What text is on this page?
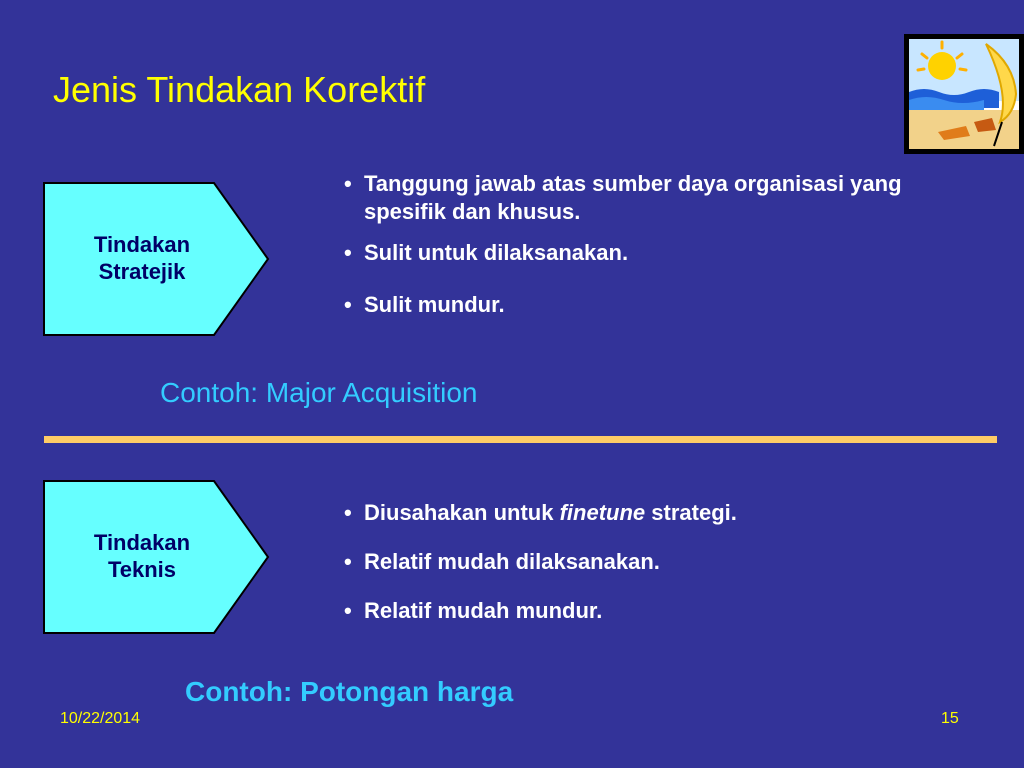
Jenis Tindakan Korektif
Tindakan
Stratejik
• Tanggung jawab atas sumber daya organisasi yang spesifik dan khusus.
• Sulit untuk dilaksanakan.
• Sulit mundur.
Contoh: Major Acquisition
Tindakan
Teknis
• Diusahakan untuk finetune strategi.
• Relatif mudah dilaksanakan.
• Relatif mudah mundur.
Contoh: Potongan harga
10/22/2014	15
